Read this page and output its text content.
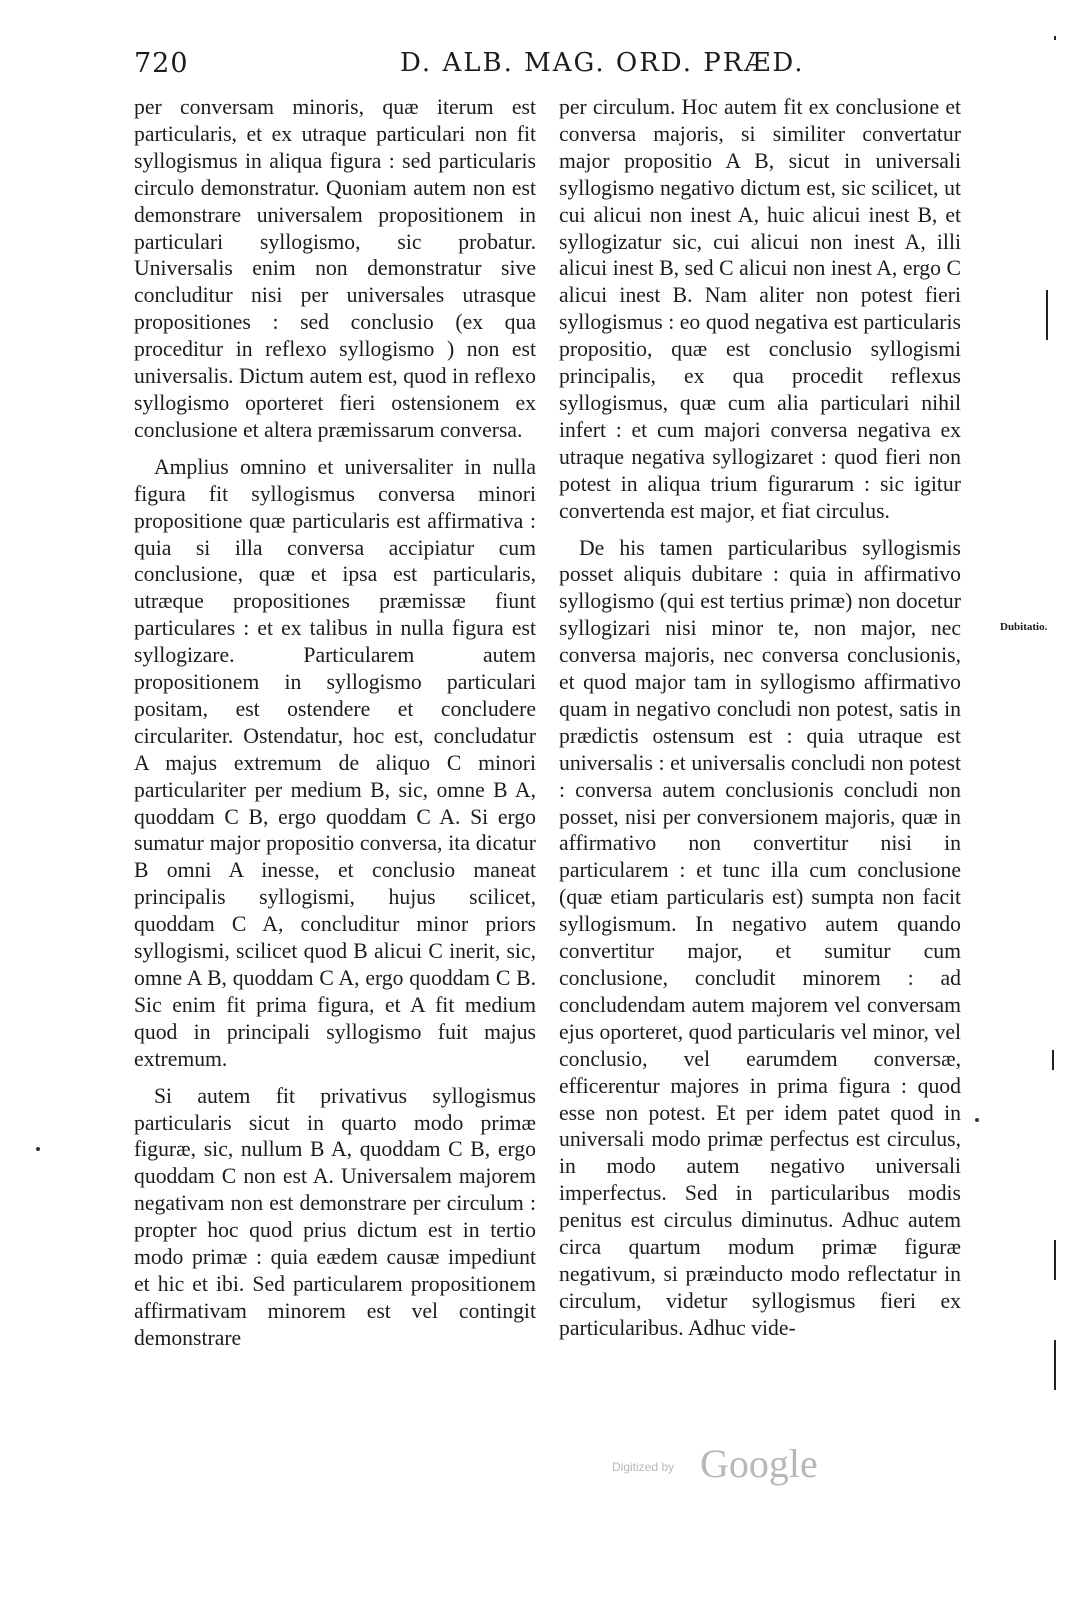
720	D. ALB. MAG. ORD. PRÆD.

per conversam minoris, quæ iterum est particularis, et ex utraque particulari non fit syllogismus in aliqua figura : sed particularis circulo demonstratur. Quoniam autem non est demonstrare universalem propositionem in particulari syllogismo, sic probatur. Universalis enim non demonstratur sive concluditur nisi per universales utrasque propositiones : sed conclusio (ex qua proceditur in reflexo syllogismo ) non est universalis. Dictum autem est, quod in reflexo syllogismo oporteret fieri ostensionem ex conclusione et altera præmissarum conversa.

Amplius omnino et universaliter in nulla figura fit syllogismus conversa minori propositione quæ particularis est affirmativa : quia si illa conversa accipiatur cum conclusione, quæ et ipsa est particularis, utræque propositiones præmissæ fiunt particulares : et ex talibus in nulla figura est syllogizare. Particularem autem propositionem in syllogismo particulari positam, est ostendere et concludere circulariter. Ostendatur, hoc est, concludatur A majus extremum de aliquo C minori particulariter per medium B, sic, omne B A, quoddam C B, ergo quoddam C A. Si ergo sumatur major propositio conversa, ita dicatur B omni A inesse, et conclusio maneat principalis syllogismi, hujus scilicet, quoddam C A, concluditur minor priors syllogismi, scilicet quod B alicui C inerit, sic, omne A B, quoddam C A, ergo quoddam C B. Sic enim fit prima figura, et A fit medium quod in principali syllogismo fuit majus extremum.

Si autem fit privativus syllogismus particularis sicut in quarto modo primæ figuræ, sic, nullum B A, quoddam C B, ergo quoddam C non est A. Universalem majorem negativam non est demonstrare per circulum : propter hoc quod prius dictum est in tertio modo primæ : quia eædem causæ impediunt et hic et ibi. Sed particularem propositionem affirmativam minorem est vel contingit demonstrare

per circulum. Hoc autem fit ex conclusione et conversa majoris, si similiter convertatur major propositio A B, sicut in universali syllogismo negativo dictum est, sic scilicet, ut cui alicui non inest A, huic alicui inest B, et syllogizatur sic, cui alicui non inest A, illi alicui inest B, sed C alicui non inest A, ergo C alicui inest B. Nam aliter non potest fieri syllogismus : eo quod negativa est particularis propositio, quæ est conclusio syllogismi principalis, ex qua procedit reflexus syllogismus, quæ cum alia particulari nihil infert : et cum majori conversa negativa ex utraque negativa syllogizaret : quod fieri non potest in aliqua trium figurarum : sic igitur convertenda est major, et fiat circulus.

De his tamen particularibus syllogismis posset aliquis dubitare : quia in affirmativo syllogismo (qui est tertius primæ) non docetur syllogizari nisi minor te, non major, nec conversa majoris, nec conversa conclusionis, et quod major tam in syllogismo affirmativo quam in negativo concludi non potest, satis in prædictis ostensum est : quia utraque est universalis : et universalis concludi non potest : conversa autem conclusionis concludi non posset, nisi per conversionem majoris, quæ in affirmativo non convertitur nisi in particularem : et tunc illa cum conclusione (quæ etiam particularis est) sumpta non facit syllogismum. In negativo autem quando convertitur major, et sumitur cum conclusione, concludit minorem : ad concludendam autem majorem vel conversam ejus oporteret, quod particularis vel minor, vel conclusio, vel earumdem conversæ, efficerentur majores in prima figura : quod esse non potest. Et per idem patet quod in universali modo primæ perfectus est circulus, in modo autem negativo universali imperfectus. Sed in particularibus modis penitus est circulus diminutus. Adhuc autem circa quartum modum primæ figuræ negativum, si præinducto modo reflectatur in circulum, videtur syllogismus fieri ex particularibus. Adhuc vide-

Dubitatio.
Digitized by Google
